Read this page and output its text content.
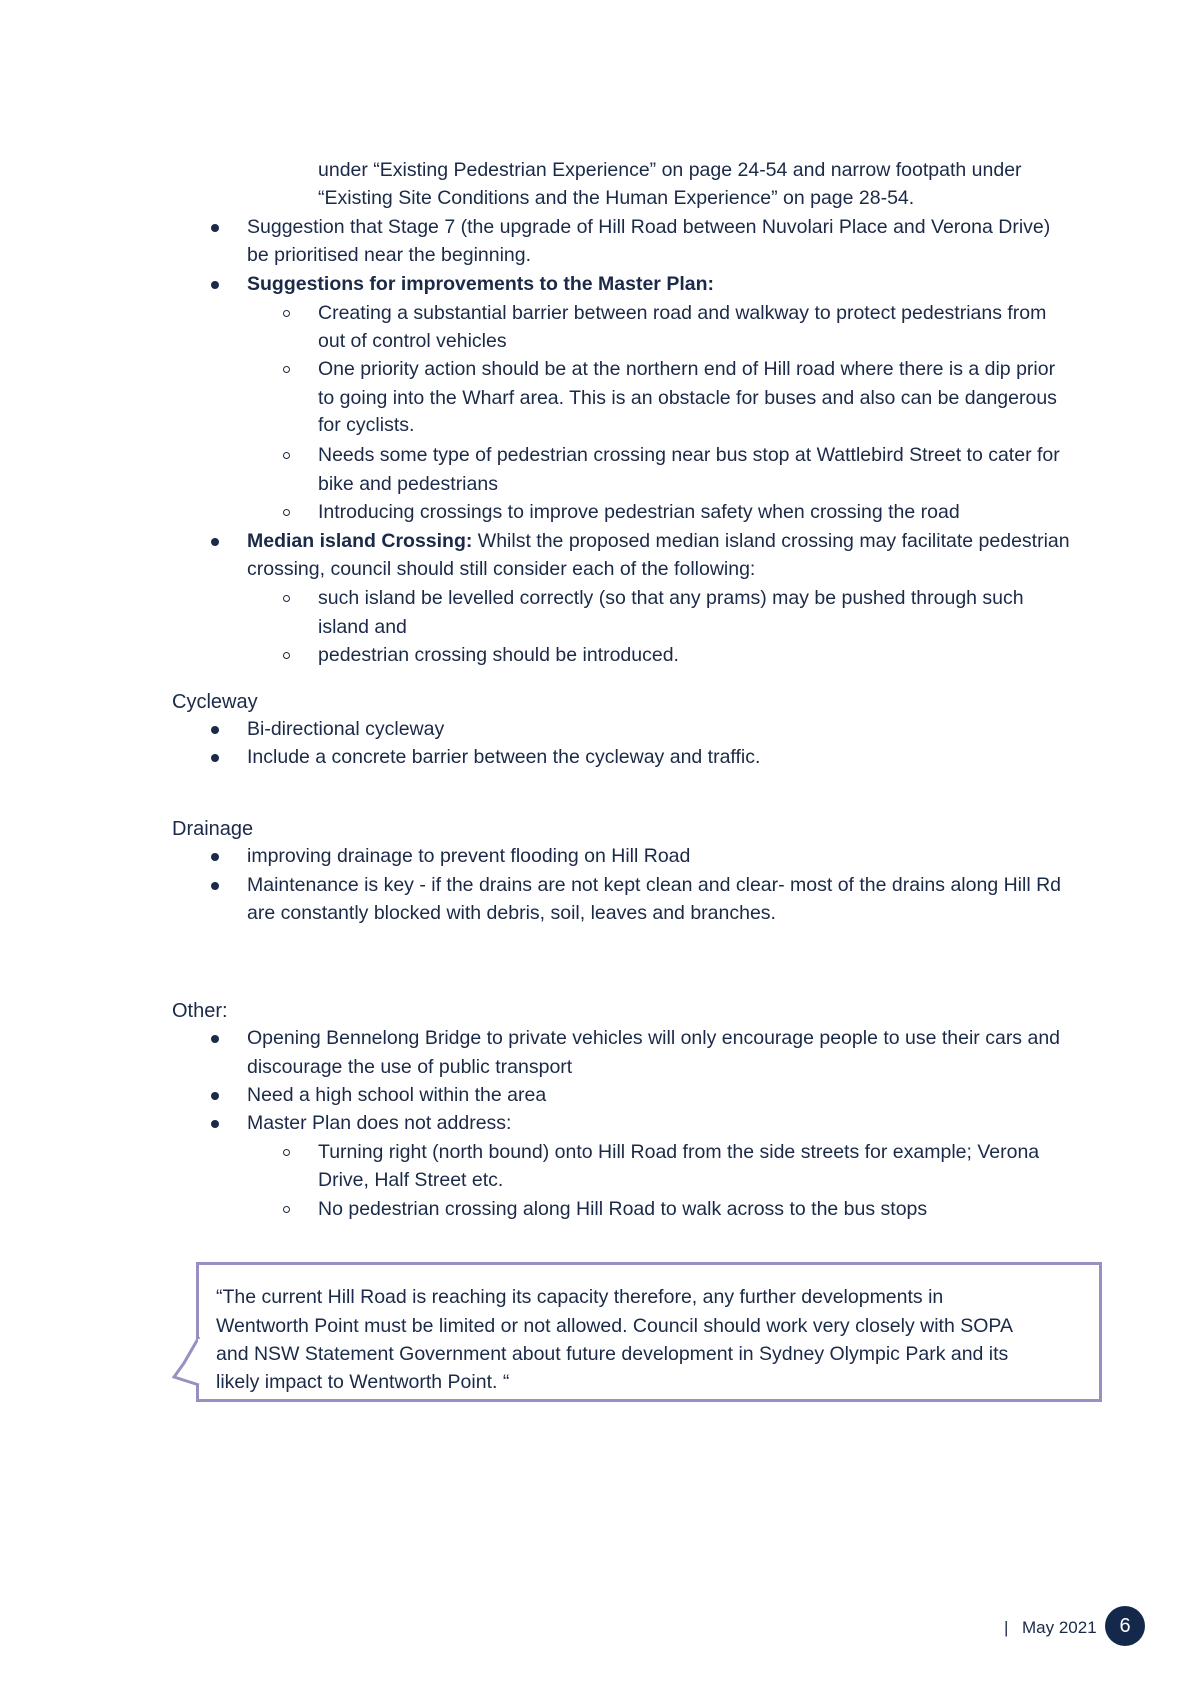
under “Existing Pedestrian Experience” on page 24-54 and narrow footpath under
“Existing Site Conditions and the Human Experience” on page 28-54.
Suggestion that Stage 7 (the upgrade of Hill Road between Nuvolari Place and Verona Drive)
be prioritised near the beginning.
Suggestions for improvements to the Master Plan:
Creating a substantial barrier between road and walkway to protect pedestrians from
out of control vehicles
One priority action should be at the northern end of Hill road where there is a dip prior
to going into the Wharf area. This is an obstacle for buses and also can be dangerous
for cyclists.
Needs some type of pedestrian crossing near bus stop at Wattlebird Street to cater for
bike and pedestrians
Introducing crossings to improve pedestrian safety when crossing the road
Median island Crossing: Whilst the proposed median island crossing may facilitate pedestrian
crossing, council should still consider each of the following:
such island be levelled correctly (so that any prams) may be pushed through such
island and
pedestrian crossing should be introduced.
Cycleway
Bi-directional cycleway
Include a concrete barrier between the cycleway and traffic.
Drainage
improving drainage to prevent flooding on Hill Road
Maintenance is key - if the drains are not kept clean and clear- most of the drains along Hill Rd
are constantly blocked with debris, soil, leaves and branches.
Other:
Opening Bennelong Bridge to private vehicles will only encourage people to use their cars and
discourage the use of public transport
Need a high school within the area
Master Plan does not address:
Turning right (north bound) onto Hill Road from the side streets for example; Verona
Drive, Half Street etc.
No pedestrian crossing along Hill Road to walk across to the bus stops
“The current Hill Road is reaching its capacity therefore, any further developments in
Wentworth Point must be limited or not allowed. Council should work very closely with SOPA
and NSW Statement Government about future development in Sydney Olympic Park and its
likely impact to Wentworth Point. “
| May 2021	6
